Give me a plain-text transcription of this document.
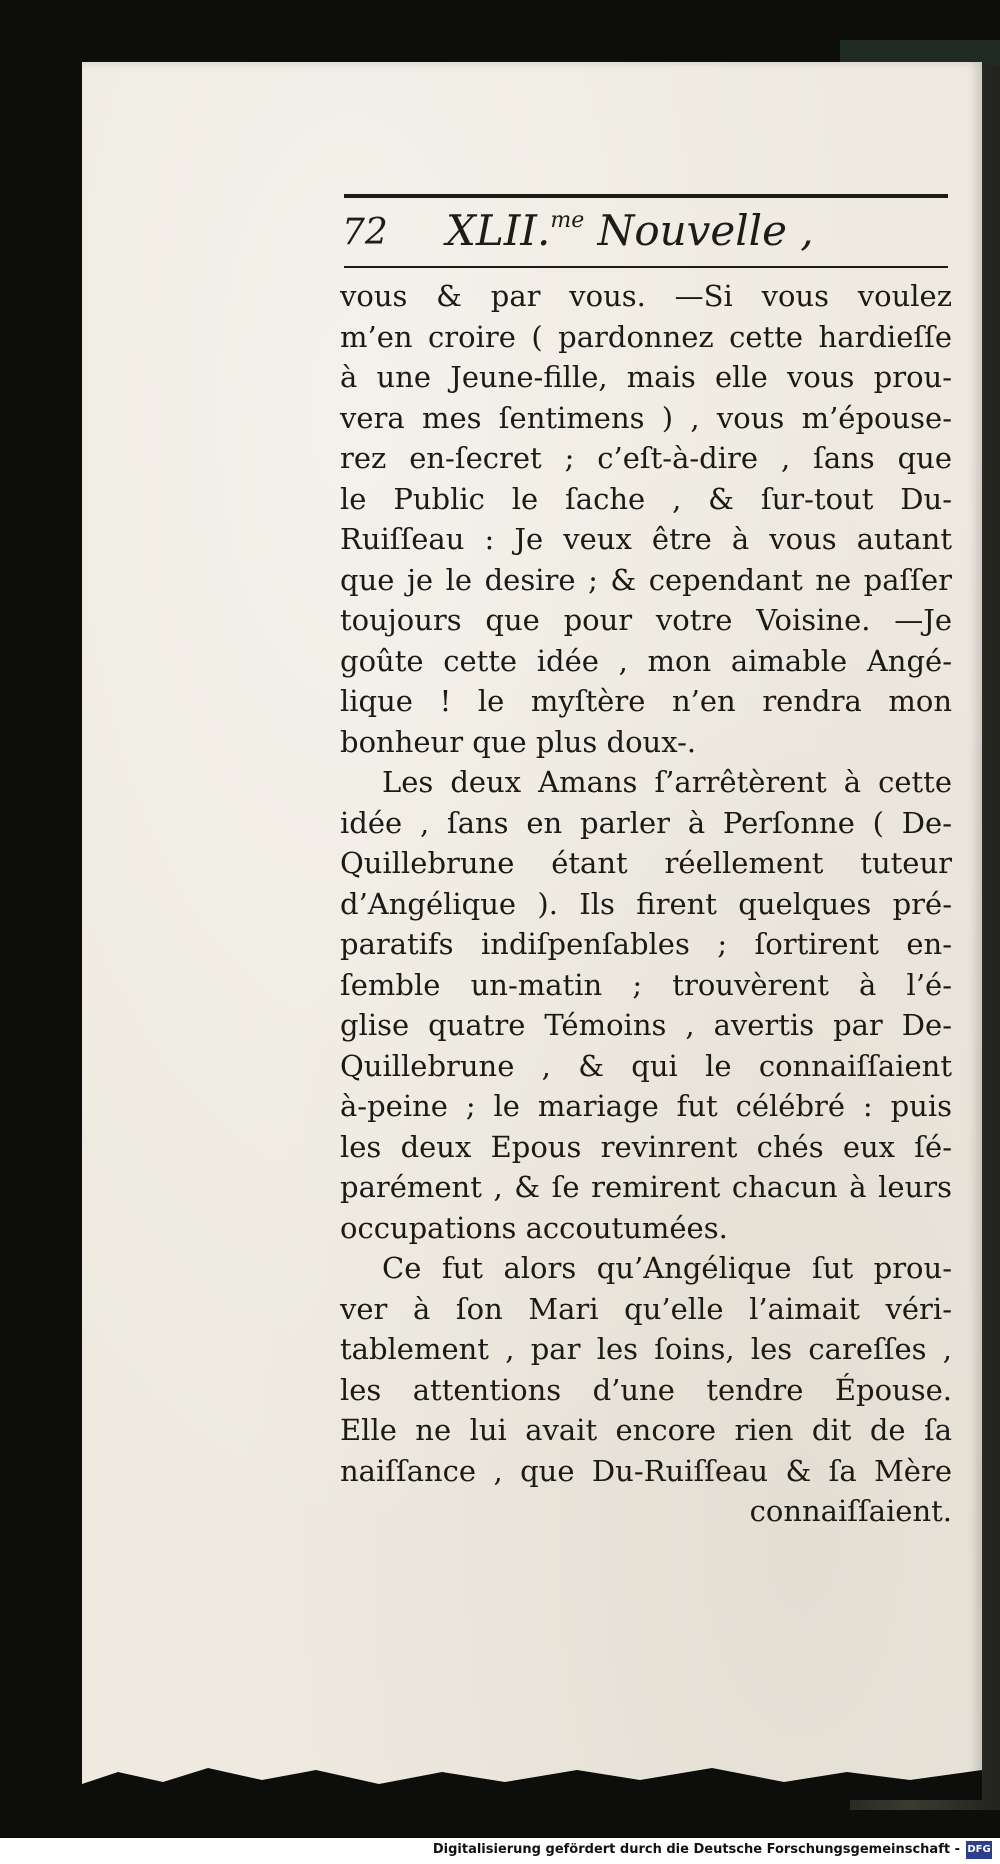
72 XLII.$^{me}$ Nouvelle ,
vous & par vous. —Si vous voulez
m’en croire ( pardonnez cette hardieſſe
à une Jeune-fille, mais elle vous prou-
vera mes ſentimens ) , vous m’épouse-
rez en-ſecret ; c’eſt-à-dire , ſans que
le Public le ſache , & ſur-tout Du-
Ruiſſeau : Je veux être à vous autant
que je le desire ; & cependant ne paſſer
toujours que pour votre Voisine. —Je
goûte cette idée , mon aimable Angé-
lique ! le myſtère n’en rendra mon
bonheur que plus doux-.
Les deux Amans ſ’arrêtèrent à cette
idée , ſans en parler à Perſonne ( De-
Quillebrune étant réellement tuteur
d’Angélique ). Ils firent quelques pré-
paratifs indiſpenſables ; ſortirent en-
ſemble un-matin ; trouvèrent à l’é-
glise quatre Témoins , avertis par De-
Quillebrune , & qui le connaiſſaient
à-peine ; le mariage fut célébré : puis
les deux Epous revinrent chés eux ſé-
parément , & ſe remirent chacun à leurs
occupations accoutumées.
Ce fut alors qu’Angélique ſut prou-
ver à ſon Mari qu’elle l’aimait véri-
tablement , par les ſoins, les careſſes ,
les attentions d’une tendre Épouse.
Elle ne lui avait encore rien dit de ſa
naiſſance , que Du-Ruiſſeau & ſa Mère
connaiſſaient.
Digitalisierung gefördert durch die Deutsche Forschungsgemeinschaft - DFG
